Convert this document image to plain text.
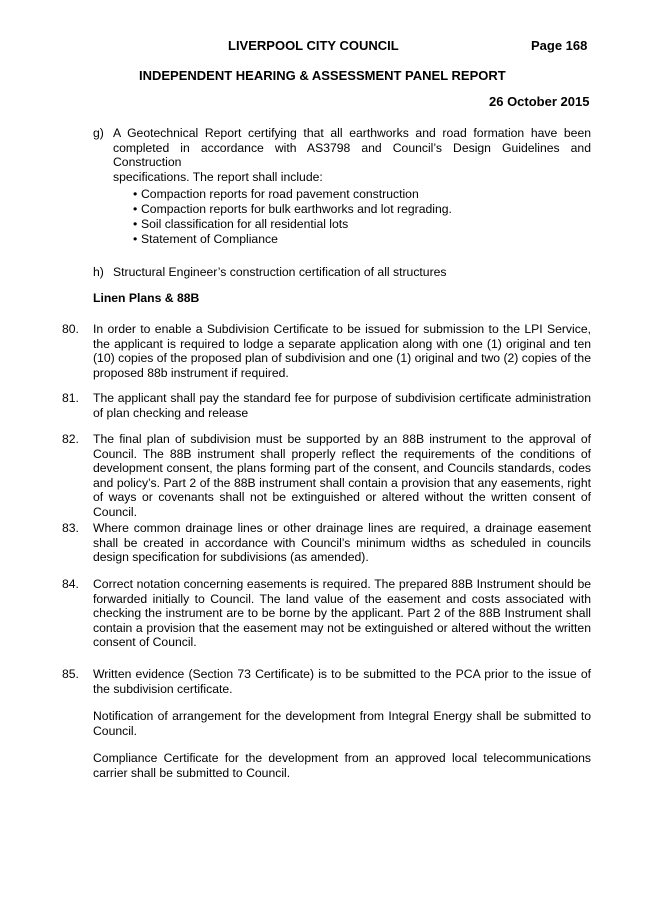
LIVERPOOL CITY COUNCIL	Page 168
INDEPENDENT HEARING & ASSESSMENT PANEL REPORT
26 October 2015
g) A Geotechnical Report certifying that all earthworks and road formation have been
completed in accordance with AS3798 and Council’s Design Guidelines and Construction
specifications. The report shall include:
• Compaction reports for road pavement construction
• Compaction reports for bulk earthworks and lot regrading.
• Soil classification for all residential lots
• Statement of Compliance
h) Structural Engineer’s construction certification of all structures
Linen Plans & 88B
80. In order to enable a Subdivision Certificate to be issued for submission to the LPI Service,
the applicant is required to lodge a separate application along with one (1) original and ten
(10) copies of the proposed plan of subdivision and one (1) original and two (2) copies of the
proposed 88b instrument if required.
81. The applicant shall pay the standard fee for purpose of subdivision certificate administration
of plan checking and release
82. The final plan of subdivision must be supported by an 88B instrument to the approval of
Council. The 88B instrument shall properly reflect the requirements of the conditions of
development consent, the plans forming part of the consent, and Councils standards, codes
and policy’s. Part 2 of the 88B instrument shall contain a provision that any easements, right
of ways or covenants shall not be extinguished or altered without the written consent of
Council.
83. Where common drainage lines or other drainage lines are required, a drainage easement
shall be created in accordance with Council’s minimum widths as scheduled in councils
design specification for subdivisions (as amended).
84. Correct notation concerning easements is required. The prepared 88B Instrument should be
forwarded initially to Council. The land value of the easement and costs associated with
checking the instrument are to be borne by the applicant. Part 2 of the 88B Instrument shall
contain a provision that the easement may not be extinguished or altered without the written
consent of Council.
85. Written evidence (Section 73 Certificate) is to be submitted to the PCA prior to the issue of
the subdivision certificate.
Notification of arrangement for the development from Integral Energy shall be submitted to
Council.
Compliance Certificate for the development from an approved local telecommunications
carrier shall be submitted to Council.
